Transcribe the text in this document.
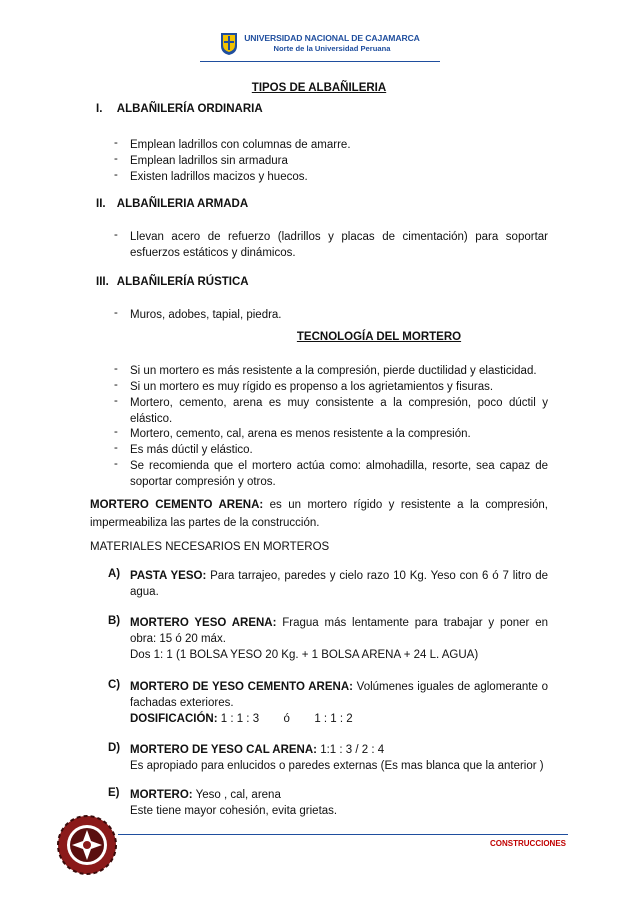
UNIVERSIDAD NACIONAL DE CAJAMARCA
Norte de la Universidad Peruana
TIPOS DE ALBAÑILERIA
I. ALBAÑILERÍA ORDINARIA
- Emplean ladrillos con columnas de amarre.
- Emplean ladrillos sin armadura
- Existen ladrillos macizos y huecos.
II. ALBAÑILERIA ARMADA
- Llevan acero de refuerzo (ladrillos y placas de cimentación) para soportar esfuerzos estáticos y dinámicos.
III. ALBAÑILERÍA RÚSTICA
- Muros, adobes, tapial, piedra.
TECNOLOGÍA DEL MORTERO
- Si un mortero es más resistente a la compresión, pierde ductilidad y elasticidad.
- Si un mortero es muy rígido es propenso a los agrietamientos y fisuras.
- Mortero, cemento, arena es muy consistente a la compresión, poco dúctil y elástico.
- Mortero, cemento, cal, arena es menos resistente a la compresión.
- Es más dúctil y elástico.
- Se recomienda que el mortero actúa como: almohadilla, resorte, sea capaz de soportar compresión y otros.
MORTERO CEMENTO ARENA: es un mortero rígido y resistente a la compresión, impermeabiliza las partes de la construcción.
MATERIALES NECESARIOS EN MORTEROS
A) PASTA YESO: Para tarrajeo, paredes y cielo razo 10 Kg. Yeso con 6 ó 7 litro de agua.
B) MORTERO YESO ARENA: Fragua más lentamente para trabajar y poner en obra: 15 ó 20 máx.
Dos 1: 1 (1 BOLSA YESO 20 Kg. + 1 BOLSA ARENA + 24 L. AGUA)
C) MORTERO DE YESO CEMENTO ARENA: Volúmenes iguales de aglomerante o fachadas exteriores.
DOSIFICACIÓN: 1 : 1 : 3 ó 1 : 1 : 2
D) MORTERO DE YESO CAL ARENA: 1:1 : 3 / 2 : 4
Es apropiado para enlucidos o paredes externas (Es mas blanca que la anterior )
E) MORTERO: Yeso , cal, arena
Este tiene mayor cohesión, evita grietas.
CONSTRUCCIONES
